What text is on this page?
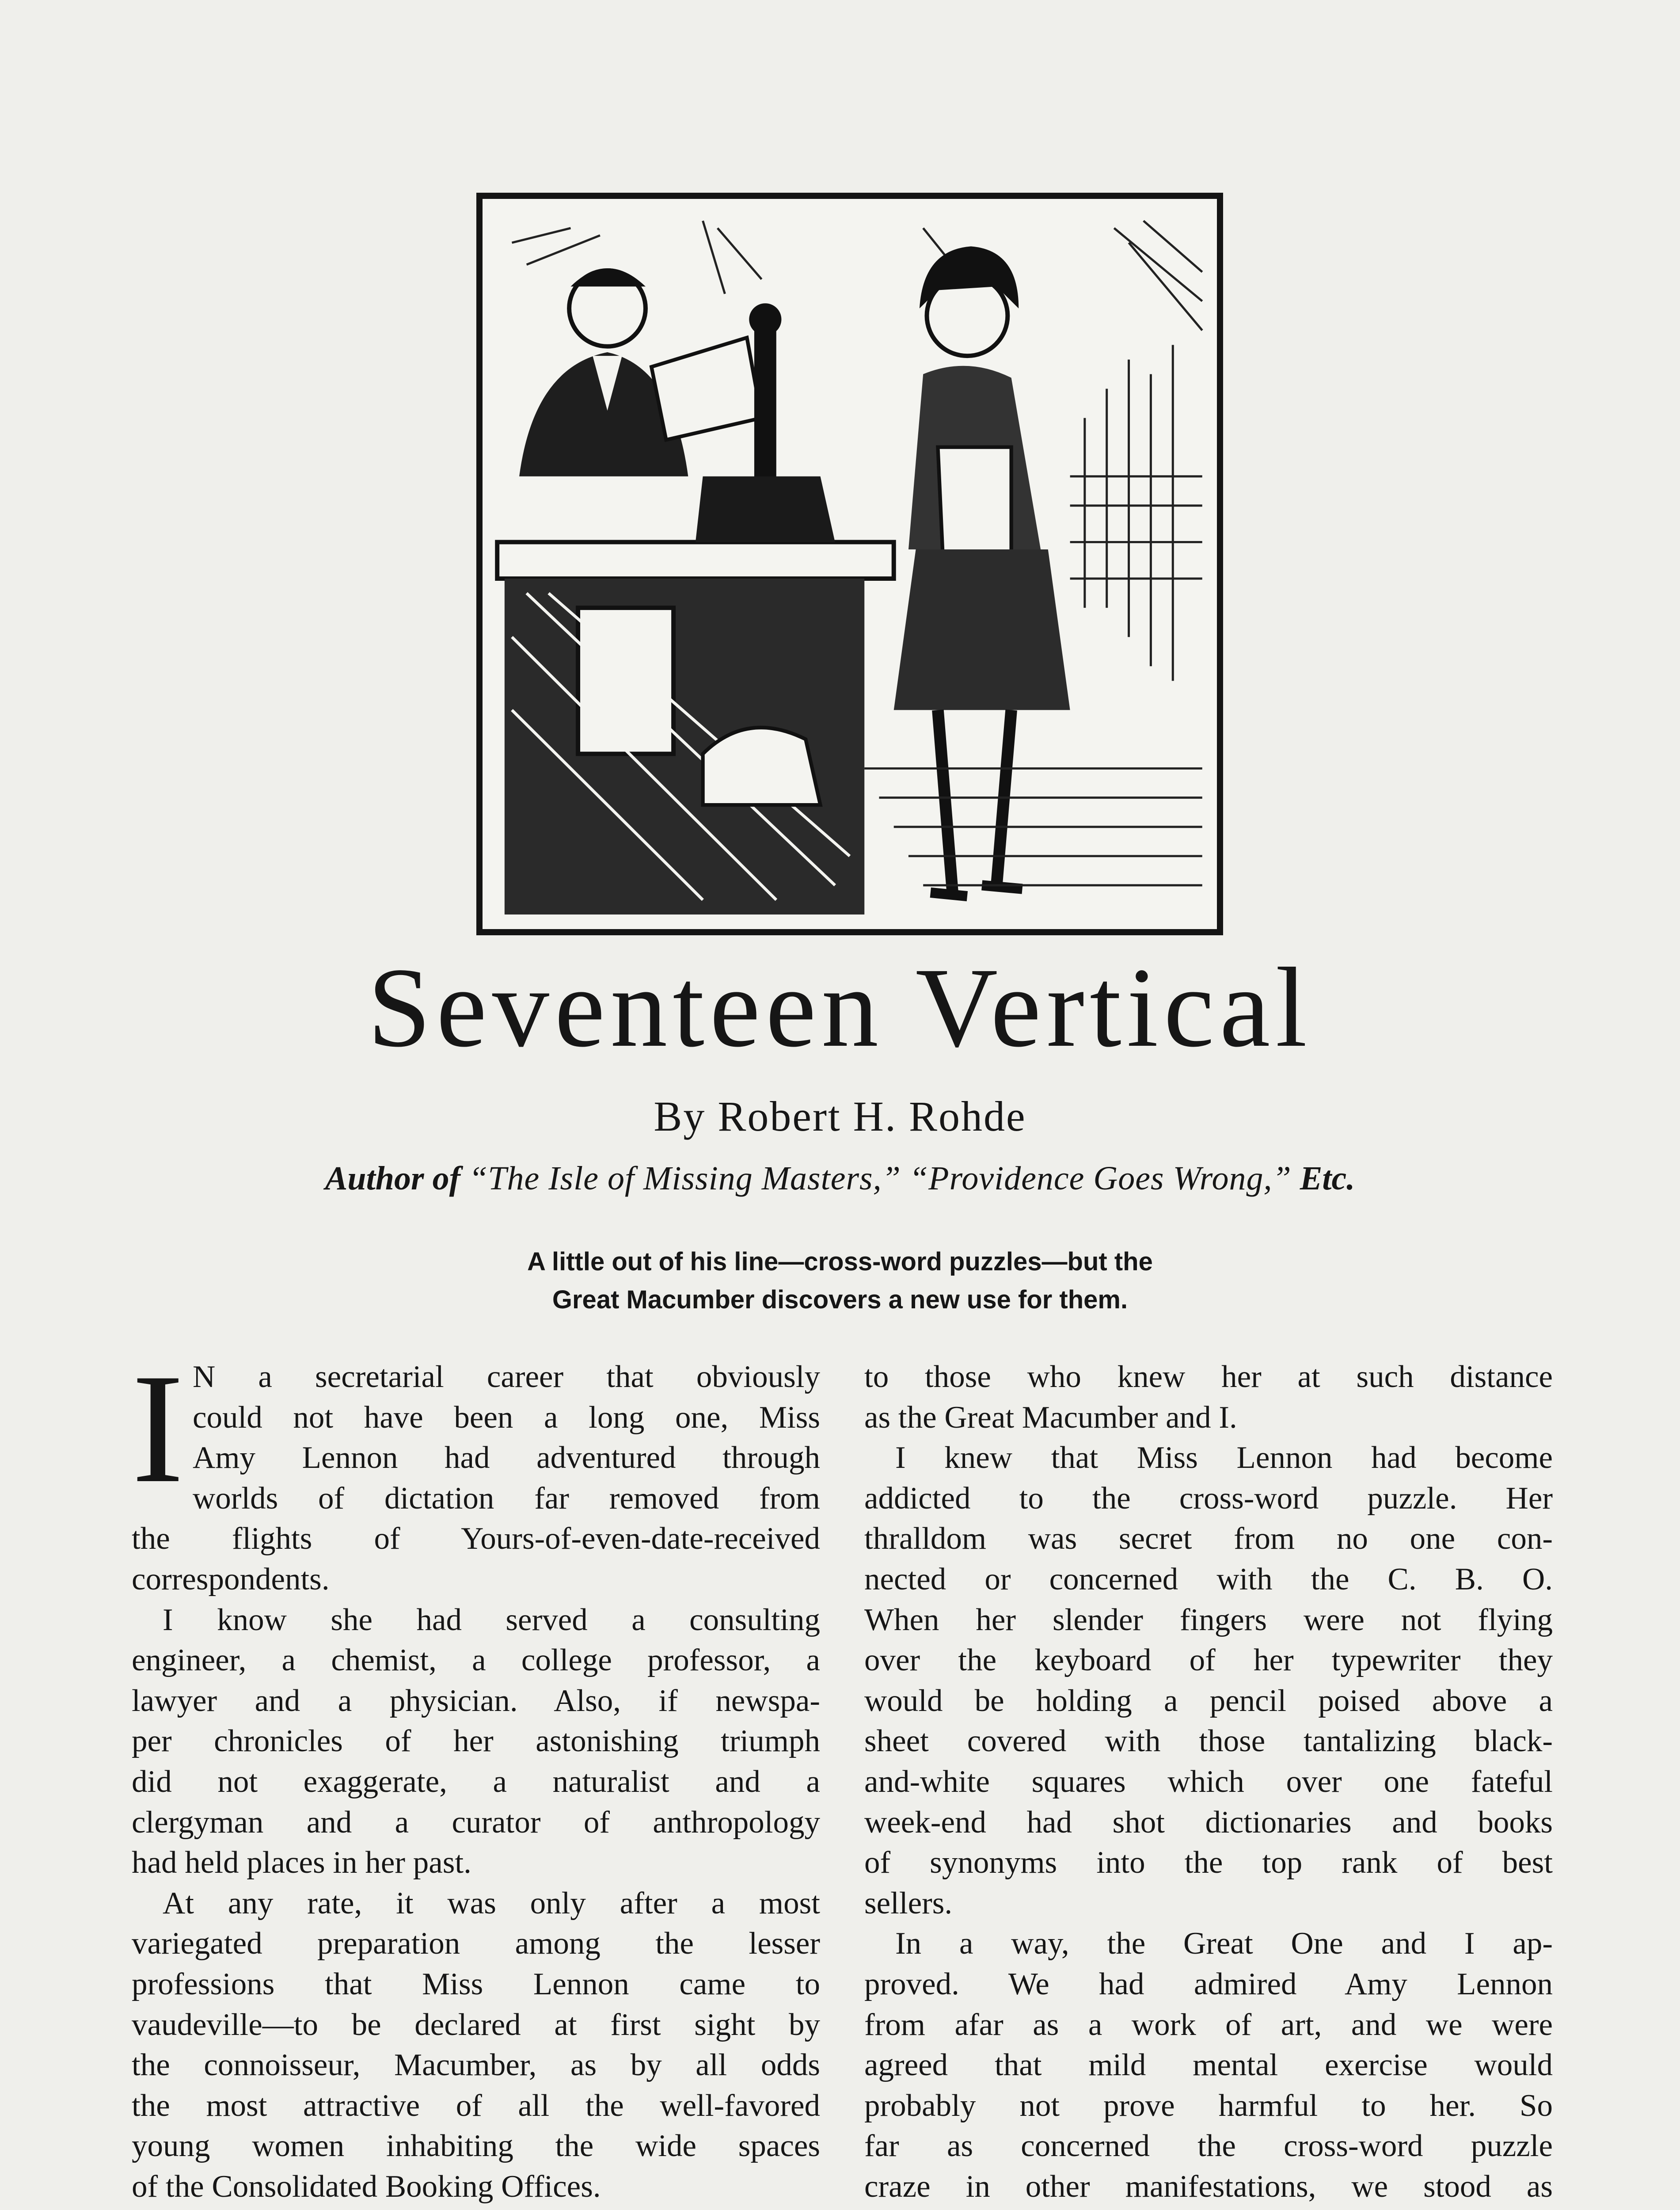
Seventeen Vertical
By Robert H. Rohde
Author of “The Isle of Missing Masters,” “Providence Goes Wrong,” Etc.
A little out of his line—cross-word puzzles—but the
Great Macumber discovers a new use for them.
I N a secretarial career that obviously
could not have been a long one, Miss
Amy Lennon had adventured through
worlds of dictation far removed from
the flights of Yours-of-even-date-received
correspondents.
I know she had served a consulting
engineer, a chemist, a college professor, a
lawyer and a physician. Also, if newspa-
per chronicles of her astonishing triumph
did not exaggerate, a naturalist and a
clergyman and a curator of anthropology
had held places in her past.
At any rate, it was only after a most
variegated preparation among the lesser
professions that Miss Lennon came to
vaudeville—to be declared at first sight by
the connoisseur, Macumber, as by all odds
the most attractive of all the well-favored
young women inhabiting the wide spaces
of the Consolidated Booking Offices.
to those who knew her at such distance
as the Great Macumber and I.
I knew that Miss Lennon had become
addicted to the cross-word puzzle. Her
thralldom was secret from no one con-
nected or concerned with the C. B. O.
When her slender fingers were not flying
over the keyboard of her typewriter they
would be holding a pencil poised above a
sheet covered with those tantalizing black-
and-white squares which over one fateful
week-end had shot dictionaries and books
of synonyms into the top rank of best
sellers.
In a way, the Great One and I ap-
proved. We had admired Amy Lennon
from afar as a work of art, and we were
agreed that mild mental exercise would
probably not prove harmful to her. So
far as concerned the cross-word puzzle
craze in other manifestations, we stood as
